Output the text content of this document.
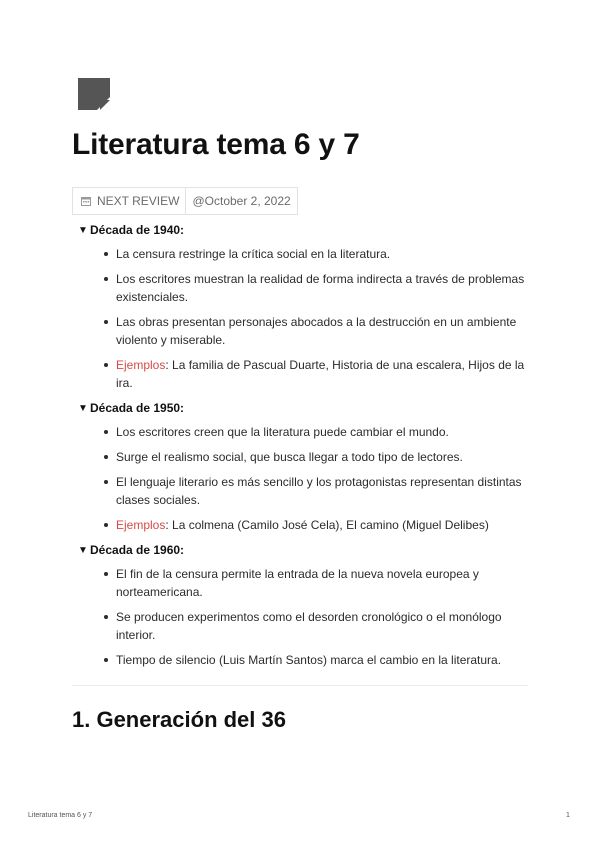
Literatura tema 6 y 7
NEXT REVIEW	@October 2, 2022
▼ Década de 1940:
La censura restringe la crítica social en la literatura.
Los escritores muestran la realidad de forma indirecta a través de problemas existenciales.
Las obras presentan personajes abocados a la destrucción en un ambiente violento y miserable.
Ejemplos: La familia de Pascual Duarte, Historia de una escalera, Hijos de la ira.
▼ Década de 1950:
Los escritores creen que la literatura puede cambiar el mundo.
Surge el realismo social, que busca llegar a todo tipo de lectores.
El lenguaje literario es más sencillo y los protagonistas representan distintas clases sociales.
Ejemplos: La colmena (Camilo José Cela), El camino (Miguel Delibes)
▼ Década de 1960:
El fin de la censura permite la entrada de la nueva novela europea y norteamericana.
Se producen experimentos como el desorden cronológico o el monólogo interior.
Tiempo de silencio (Luis Martín Santos) marca el cambio en la literatura.
1. Generación del 36
Literatura tema 6 y 7	1
